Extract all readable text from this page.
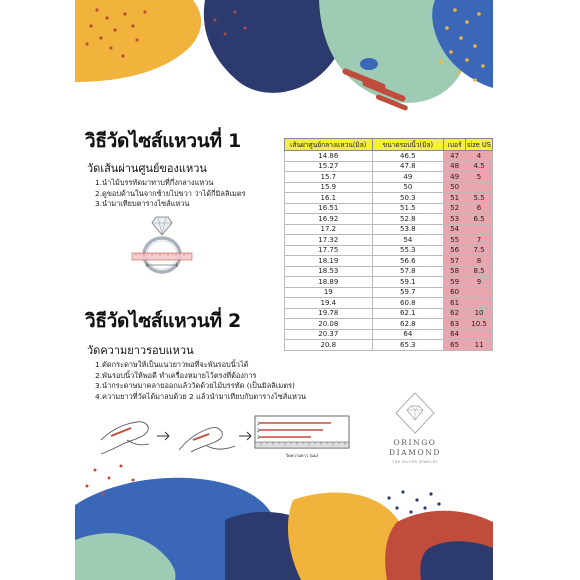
วิธีวัดไซส์แหวนที่ 1
วัดเส้นผ่านศูนย์ของแหวน
1.นำไม้บรรทัดมาทาบที่กึ่งกลางแหวน
2.ดูขอบด้านในจากซ้ายไปขวา ว่าได้กี่มิลลิเมตร
3.นำมาเทียบตารางไซส์แหวน
วิธีวัดไซส์แหวนที่ 2
วัดความยาวรอบแหวน
1.ตัดกระดาษให้เป็นแนวยาวพอที่จะพันรอบนิ้วได้
2.พันรอบนิ้วให้พอดี ทำเครื่องหมายไว้ตรงที่ต้องการ
3.นำกระดาษมาคลายออกแล้ววัดด้วยไม้บรรทัด (เป็นมิลลิเมตร)
4.ความยาวที่วัดได้มาลบด้วย 2 แล้วนำมาเทียบกับตารางไซส์แหวน
1
2
3
วัดความยาว (มม)
เส้นผ่าศูนย์กลางแหวน(มิล)	ขนาดรอบนิ้ว(มิล)	เบอร์	size US
14.86	46.5	47	4
15.27	47.8	48	4.5
15.7	49	49	5
15.9	50	50	
16.1	50.3	51	5.5
16.51	51.5	52	6
16.92	52.8	53	6.5
17.2	53.8	54	
17.32	54	55	7
17.75	55.3	56	7.5
18.19	56.6	57	8
18.53	57.8	58	8.5
18.89	59.1	59	9
19	59.7	60	
19.4	60.8	61	
19.78	62.1	62	10
20.08	62.8	63	10.5
20.37	64	64	
20.8	65.3	65	11
ORINGO
DIAMOND
THE SILVER JEWELRY
